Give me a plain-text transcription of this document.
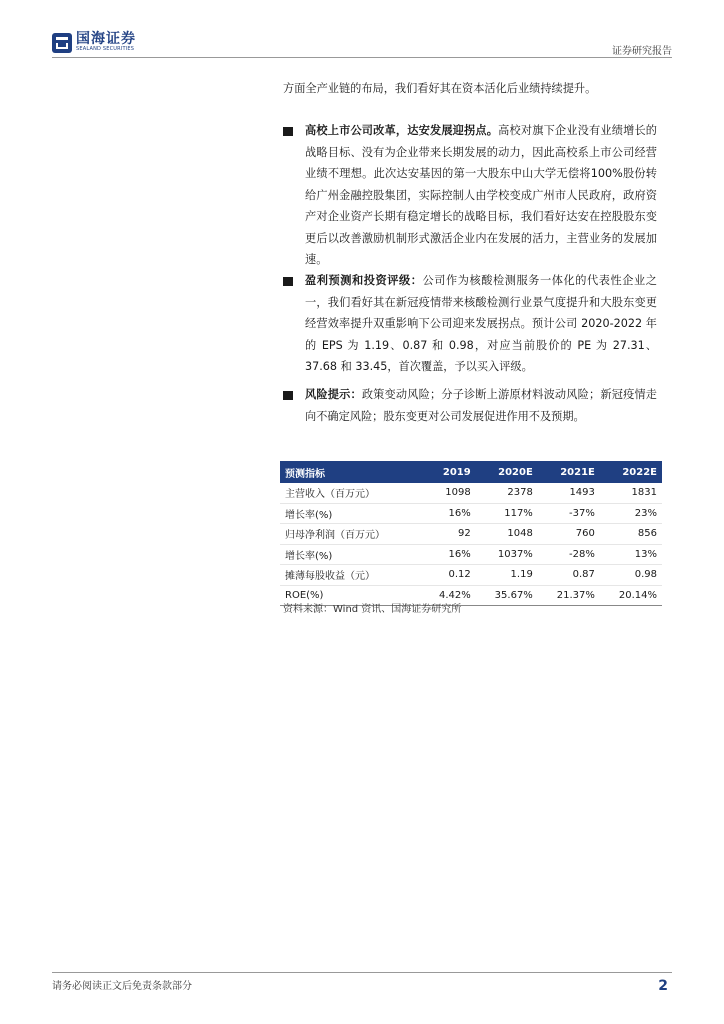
国海证券
SEALAND SECURITIES	证券研究报告
方面全产业链的布局，我们看好其在资本活化后业绩持续提升。
高校上市公司改革，达安发展迎拐点。高校对旗下企业没有业绩增长的战略目标、没有为企业带来长期发展的动力，因此高校系上市公司经营业绩不理想。此次达安基因的第一大股东中山大学无偿将100%股份转给广州金融控股集团，实际控制人由学校变成广州市人民政府，政府资产对企业资产长期有稳定增长的战略目标，我们看好达安在控股股东变更后以改善激励机制形式激活企业内在发展的活力，主营业务的发展加速。
盈利预测和投资评级：公司作为核酸检测服务一体化的代表性企业之一，我们看好其在新冠疫情带来核酸检测行业景气度提升和大股东变更经营效率提升双重影响下公司迎来发展拐点。预计公司 2020-2022 年的 EPS 为 1.19、0.87 和 0.98，对应当前股价的 PE 为 27.31、37.68 和 33.45，首次覆盖，予以买入评级。
风险提示：政策变动风险；分子诊断上游原材料波动风险；新冠疫情走向不确定风险；股东变更对公司发展促进作用不及预期。
预测指标	2019	2020E	2021E	2022E
主营收入（百万元）	1098	2378	1493	1831
增长率(%)	16%	117%	-37%	23%
归母净利润（百万元）	92	1048	760	856
增长率(%)	16%	1037%	-28%	13%
摊薄每股收益（元）	0.12	1.19	0.87	0.98
ROE(%)	4.42%	35.67%	21.37%	20.14%
资料来源：Wind 资讯、国海证券研究所
请务必阅读正文后免责条款部分	2
